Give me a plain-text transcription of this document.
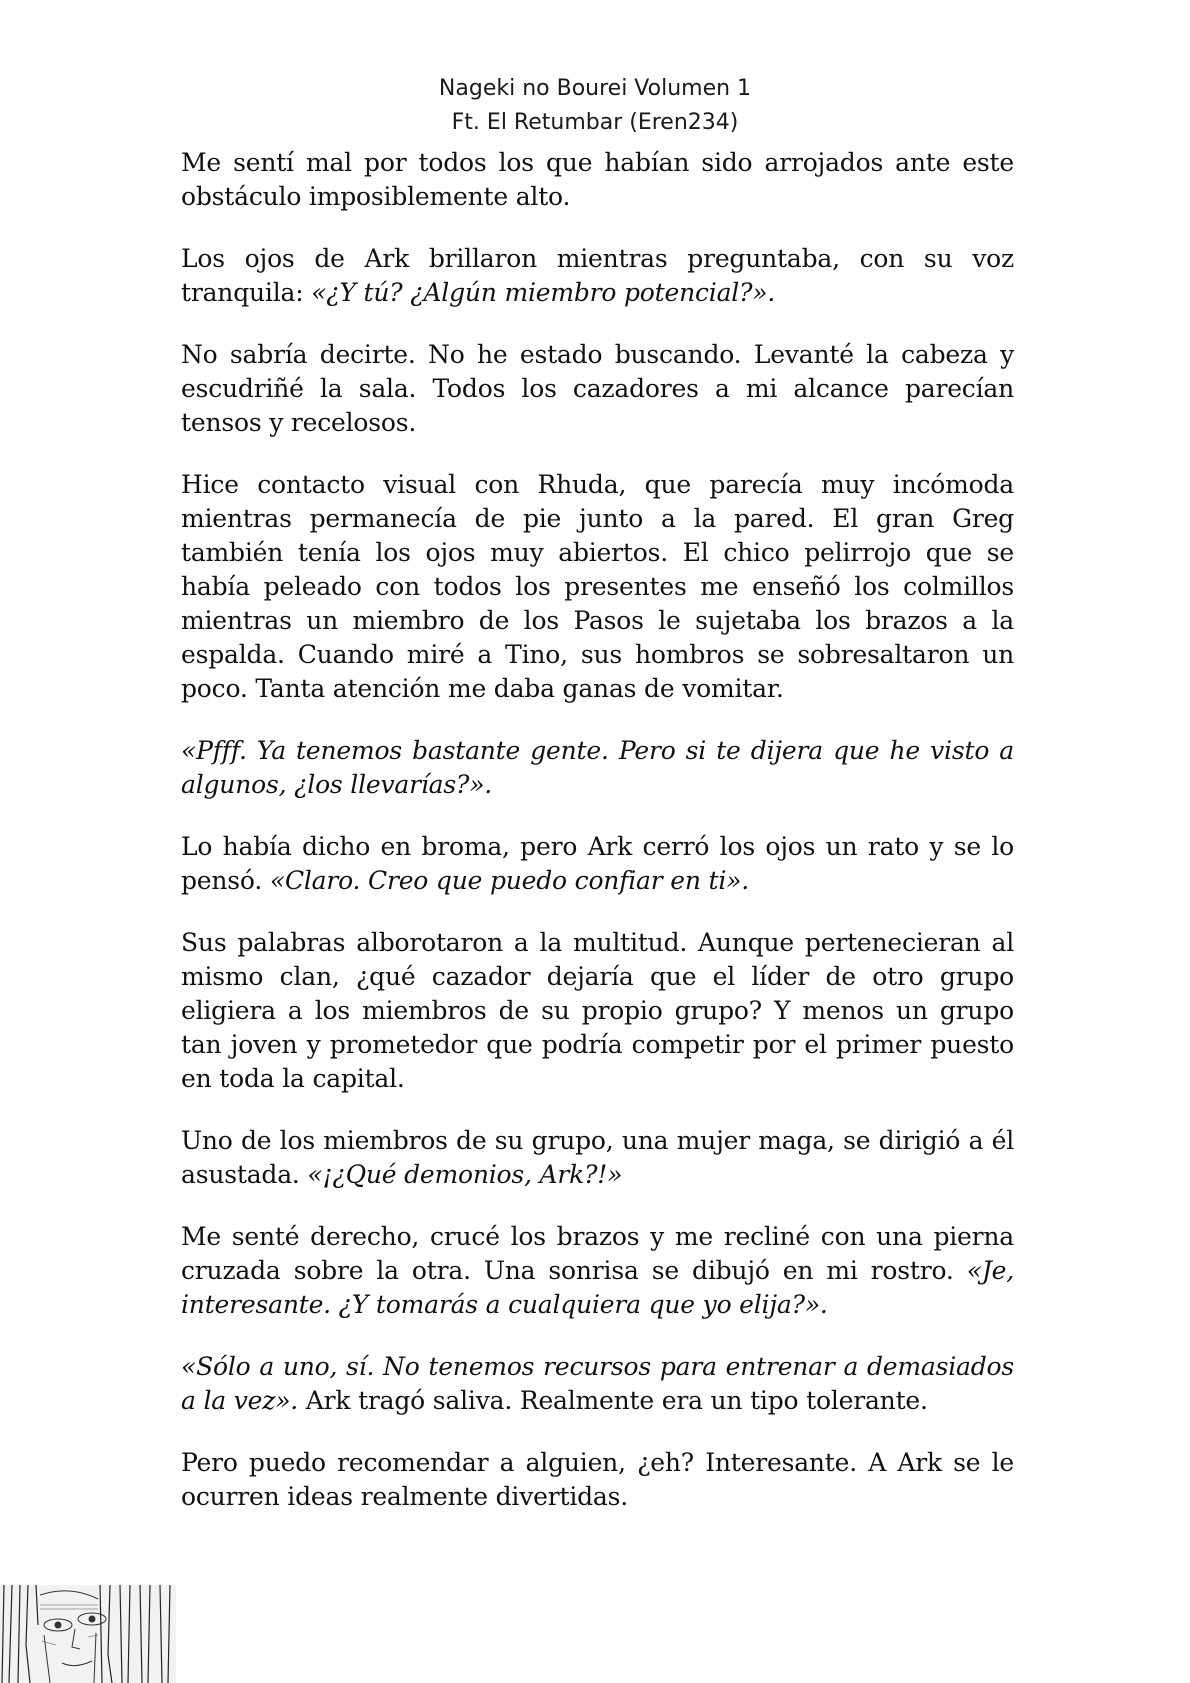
Nageki no Bourei Volumen 1
Ft. El Retumbar (Eren234)

Me sentí mal por todos los que habían sido arrojados ante este obstáculo imposiblemente alto.

Los ojos de Ark brillaron mientras preguntaba, con su voz tranquila: «¿Y tú? ¿Algún miembro potencial?».

No sabría decirte. No he estado buscando. Levanté la cabeza y escudriñé la sala. Todos los cazadores a mi alcance parecían tensos y recelosos.

Hice contacto visual con Rhuda, que parecía muy incómoda mientras permanecía de pie junto a la pared. El gran Greg también tenía los ojos muy abiertos. El chico pelirrojo que se había peleado con todos los presentes me enseñó los colmillos mientras un miembro de los Pasos le sujetaba los brazos a la espalda. Cuando miré a Tino, sus hombros se sobresaltaron un poco. Tanta atención me daba ganas de vomitar.

«Pfff. Ya tenemos bastante gente. Pero si te dijera que he visto a algunos, ¿los llevarías?».

Lo había dicho en broma, pero Ark cerró los ojos un rato y se lo pensó. «Claro. Creo que puedo confiar en ti».

Sus palabras alborotaron a la multitud. Aunque pertenecieran al mismo clan, ¿qué cazador dejaría que el líder de otro grupo eligiera a los miembros de su propio grupo? Y menos un grupo tan joven y prometedor que podría competir por el primer puesto en toda la capital.

Uno de los miembros de su grupo, una mujer maga, se dirigió a él asustada. «¡¿Qué demonios, Ark?!»

Me senté derecho, crucé los brazos y me recliné con una pierna cruzada sobre la otra. Una sonrisa se dibujó en mi rostro. «Je, interesante. ¿Y tomarás a cualquiera que yo elija?».

«Sólo a uno, sí. No tenemos recursos para entrenar a demasiados a la vez». Ark tragó saliva. Realmente era un tipo tolerante.

Pero puedo recomendar a alguien, ¿eh? Interesante. A Ark se le ocurren ideas realmente divertidas.
